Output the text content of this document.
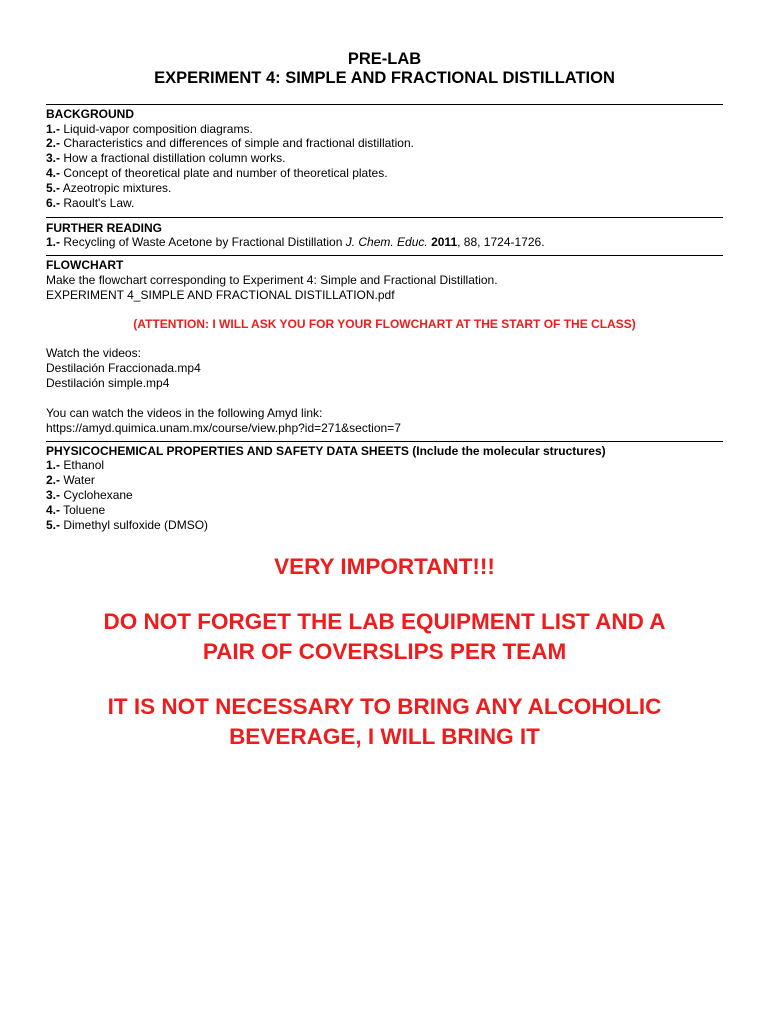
PRE-LAB
EXPERIMENT 4: SIMPLE AND FRACTIONAL DISTILLATION
BACKGROUND
1.- Liquid-vapor composition diagrams.
2.- Characteristics and differences of simple and fractional distillation.
3.- How a fractional distillation column works.
4.- Concept of theoretical plate and number of theoretical plates.
5.- Azeotropic mixtures.
6.- Raoult's Law.
FURTHER READING
1.- Recycling of Waste Acetone by Fractional Distillation J. Chem. Educ. 2011, 88, 1724-1726.
FLOWCHART
Make the flowchart corresponding to Experiment 4: Simple and Fractional Distillation.
EXPERIMENT 4_SIMPLE AND FRACTIONAL DISTILLATION.pdf
(ATTENTION: I WILL ASK YOU FOR YOUR FLOWCHART AT THE START OF THE CLASS)
Watch the videos:
Destilación Fraccionada.mp4
Destilación simple.mp4
You can watch the videos in the following Amyd link:
https://amyd.quimica.unam.mx/course/view.php?id=271&section=7
PHYSICOCHEMICAL PROPERTIES AND SAFETY DATA SHEETS (Include the molecular structures)
1.- Ethanol
2.- Water
3.- Cyclohexane
4.- Toluene
5.- Dimethyl sulfoxide (DMSO)
VERY IMPORTANT!!!
DO NOT FORGET THE LAB EQUIPMENT LIST AND A
PAIR OF COVERSLIPS PER TEAM
IT IS NOT NECESSARY TO BRING ANY ALCOHOLIC
BEVERAGE, I WILL BRING IT
